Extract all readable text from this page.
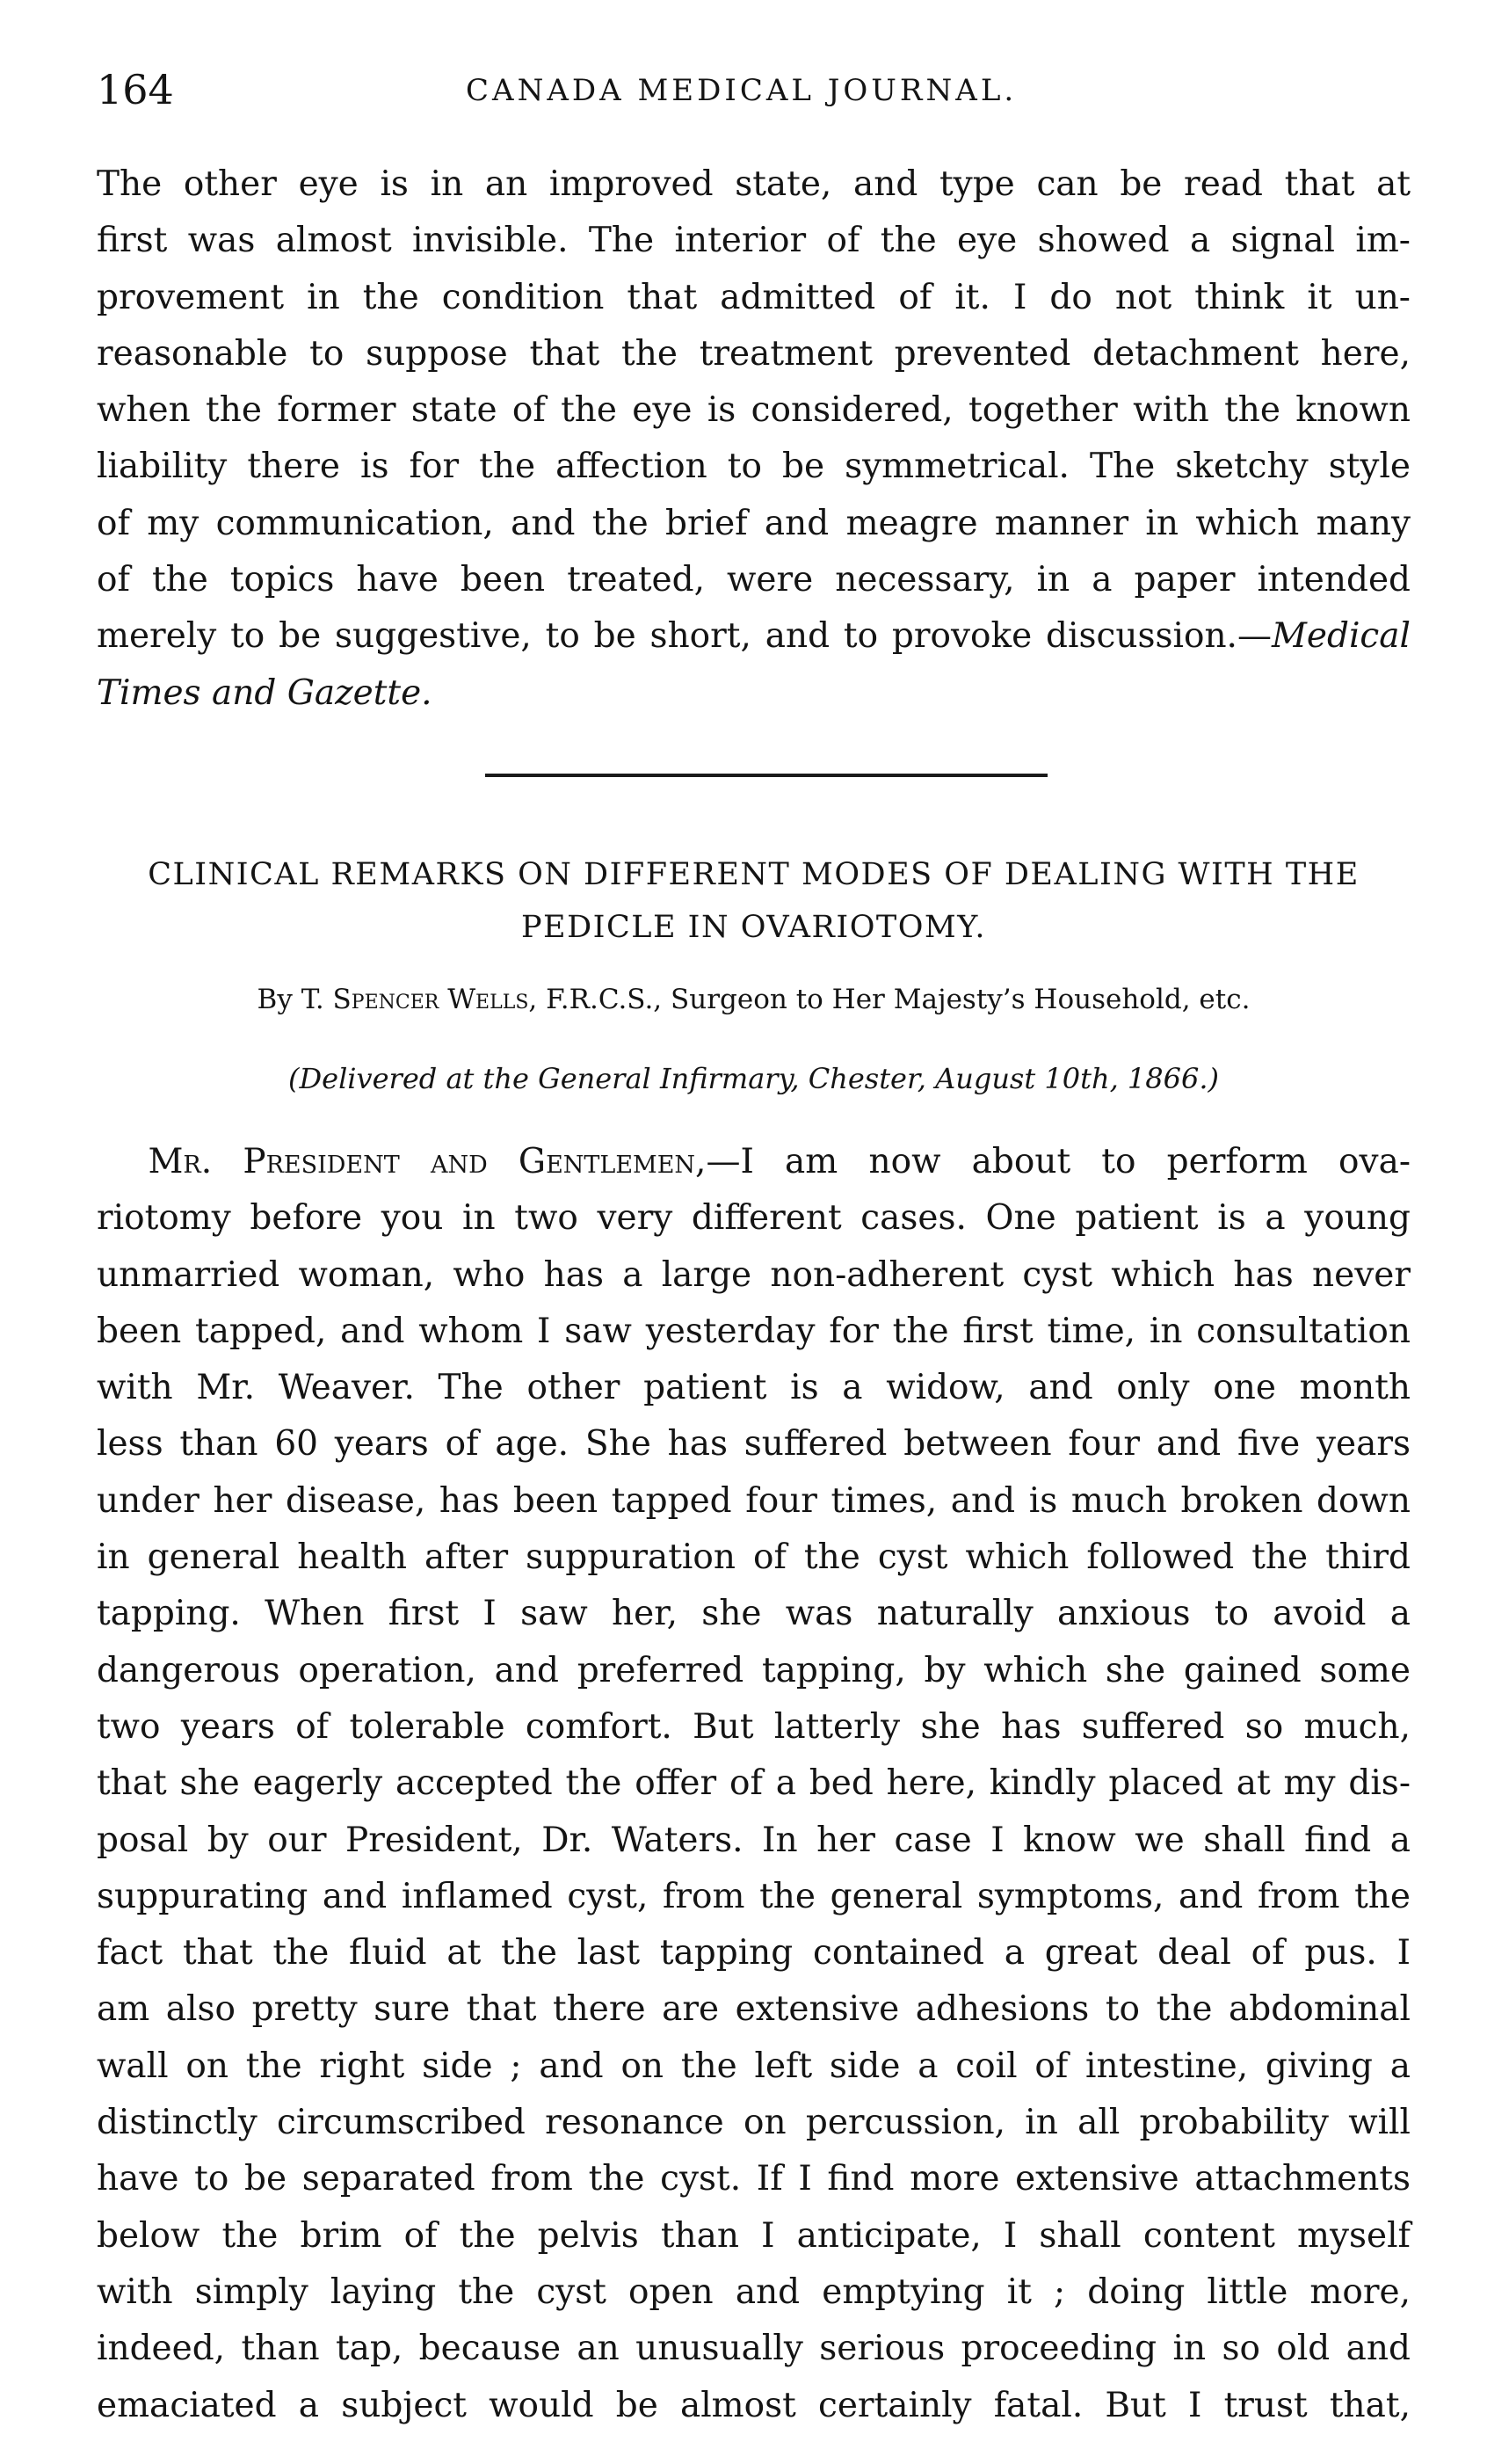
164	CANADA MEDICAL JOURNAL.
The other eye is in an improved state, and type can be read that at
first was almost invisible. The interior of the eye showed a signal im-
provement in the condition that admitted of it. I do not think it un-
reasonable to suppose that the treatment prevented detachment here,
when the former state of the eye is considered, together with the known
liability there is for the affection to be symmetrical. The sketchy style
of my communication, and the brief and meagre manner in which many
of the topics have been treated, were necessary, in a paper intended
merely to be suggestive, to be short, and to provoke discussion.—Medical
Times and Gazette.
CLINICAL REMARKS ON DIFFERENT MODES OF DEALING WITH THE
PEDICLE IN OVARIOTOMY.
By T. Spencer Wells, F.R.C.S., Surgeon to Her Majesty’s Household, etc.
(Delivered at the General Infirmary, Chester, August 10th, 1866.)
  Mr. President and Gentlemen,—I am now about to perform ova-
riotomy before you in two very different cases. One patient is a young
unmarried woman, who has a large non-adherent cyst which has never
been tapped, and whom I saw yesterday for the first time, in consultation
with Mr. Weaver. The other patient is a widow, and only one month
less than 60 years of age. She has suffered between four and five years
under her disease, has been tapped four times, and is much broken down
in general health after suppuration of the cyst which followed the third
tapping. When first I saw her, she was naturally anxious to avoid a
dangerous operation, and preferred tapping, by which she gained some
two years of tolerable comfort. But latterly she has suffered so much,
that she eagerly accepted the offer of a bed here, kindly placed at my dis-
posal by our President, Dr. Waters. In her case I know we shall find a
suppurating and inflamed cyst, from the general symptoms, and from the
fact that the fluid at the last tapping contained a great deal of pus. I
am also pretty sure that there are extensive adhesions to the abdominal
wall on the right side ; and on the left side a coil of intestine, giving a
distinctly circumscribed resonance on percussion, in all probability will
have to be separated from the cyst. If I find more extensive attachments
below the brim of the pelvis than I anticipate, I shall content myself
with simply laying the cyst open and emptying it ; doing little more,
indeed, than tap, because an unusually serious proceeding in so old and
emaciated a subject would be almost certainly fatal. But I trust that,
